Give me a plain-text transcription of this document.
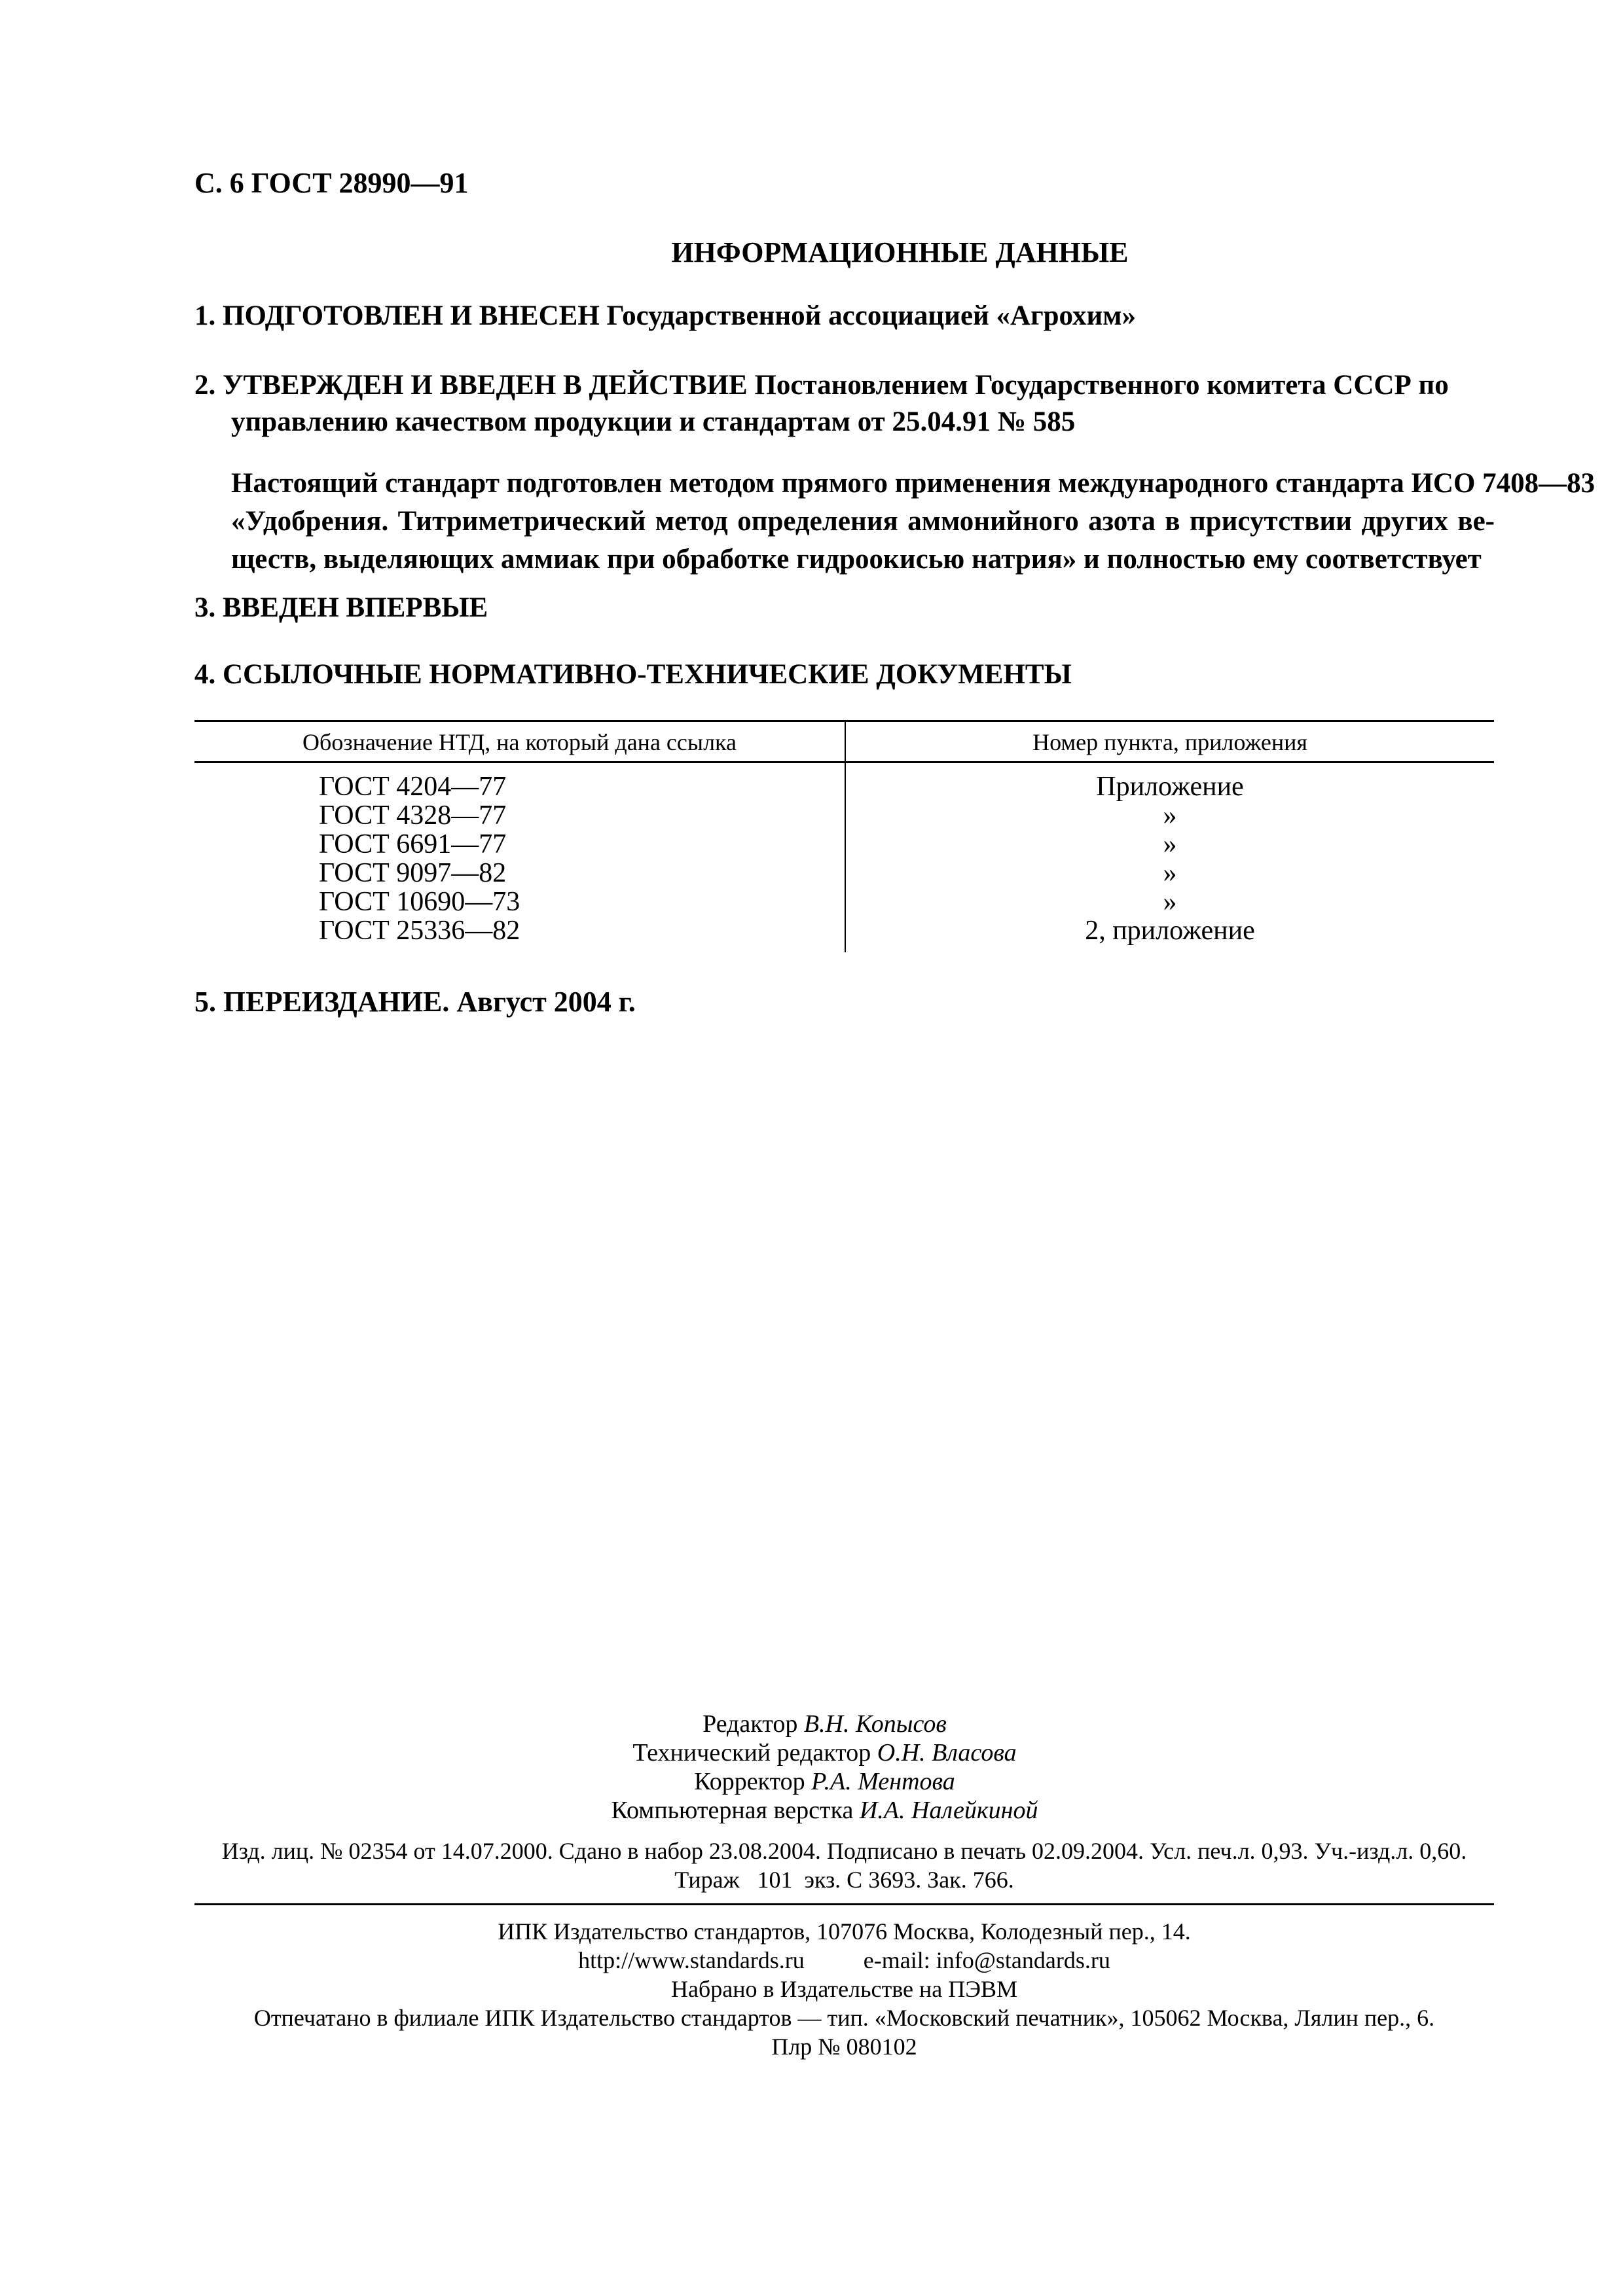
С. 6 ГОСТ 28990—91
ИНФОРМАЦИОННЫЕ ДАННЫЕ
1. ПОДГОТОВЛЕН И ВНЕСЕН Государственной ассоциацией «Агрохим»
2. УТВЕРЖДЕН И ВВЕДЕН В ДЕЙСТВИЕ Постановлением Государственного комитета СССР по
управлению качеством продукции и стандартам от 25.04.91 № 585
Настоящий стандарт подготовлен методом прямого применения международного стандарта ИСО 7408—83
«Удобрения. Титриметрический метод определения аммонийного азота в присутствии других ве-
ществ, выделяющих аммиак при обработке гидроокисью натрия» и полностью ему соответствует
3. ВВЕДЕН ВПЕРВЫЕ
4. ССЫЛОЧНЫЕ НОРМАТИВНО-ТЕХНИЧЕСКИЕ ДОКУМЕНТЫ
Обозначение НТД, на который дана ссылка	Номер пункта, приложения
ГОСТ 4204—77
ГОСТ 4328—77
ГОСТ 6691—77
ГОСТ 9097—82
ГОСТ 10690—73
ГОСТ 25336—82
Приложение
»
»
»
»
2, приложение
5. ПЕРЕИЗДАНИЕ. Август 2004 г.
Редактор В.Н. Копысов
Технический редактор О.Н. Власова
Корректор Р.А. Ментова
Компьютерная верстка И.А. Налейкиной
Изд. лиц. № 02354 от 14.07.2000. Сдано в набор 23.08.2004. Подписано в печать 02.09.2004. Усл. печ.л. 0,93. Уч.-изд.л. 0,60.
Тираж   101  экз. С 3693. Зак. 766.
ИПК Издательство стандартов, 107076 Москва, Колодезный пер., 14.
http://www.standards.ru	e-mail: info@standards.ru
Набрано в Издательстве на ПЭВМ
Отпечатано в филиале ИПК Издательство стандартов — тип. «Московский печатник», 105062 Москва, Лялин пер., 6.
Плр № 080102
